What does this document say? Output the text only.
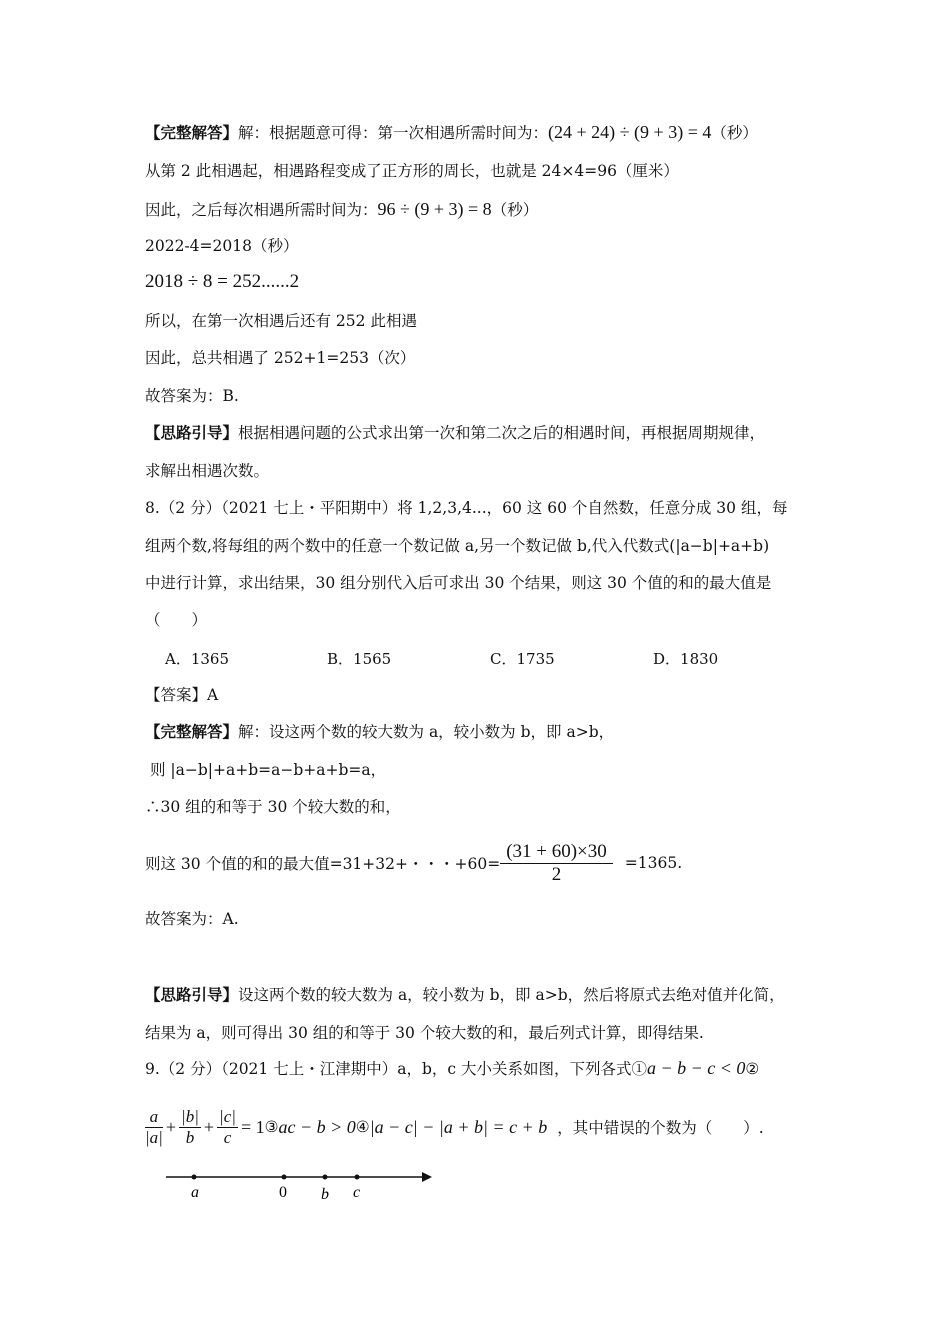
【完整解答】解：根据题意可得：第一次相遇所需时间为：(24 + 24) ÷ (9 + 3) = 4（秒）
从第 2 此相遇起，相遇路程变成了正方形的周长，也就是 24×4=96（厘米）
因此，之后每次相遇所需时间为：96 ÷ (9 + 3) = 8（秒）
2022-4=2018（秒）
2018 ÷ 8 = 252......2
所以，在第一次相遇后还有 252 此相遇
因此，总共相遇了 252+1=253（次）
故答案为：B.
【思路引导】根据相遇问题的公式求出第一次和第二次之后的相遇时间，再根据周期规律，
求解出相遇次数。
8.（2 分）（2021 七上・平阳期中）将 1,2,3,4...，60 这 60 个自然数，任意分成 30 组，每
组两个数,将每组的两个数中的任意一个数记做 a,另一个数记做 b,代入代数式(|a−b|+a+b)
中进行计算，求出结果，30 组分别代入后可求出 30 个结果，则这 30 个值的和的最大值是
（　　）
A．1365	B．1565	C．1735	D．1830
【答案】A
【完整解答】解：设这两个数的较大数为 a，较小数为 b，即 a>b，
则 |a−b|+a+b=a−b+a+b=a，
∴30 组的和等于 30 个较大数的和，
则这 30 个值的和的最大值=31+32+・・・$+60= \frac{(31 + 60)\times 30}{2} =1365$.
故答案为：A.
【思路引导】设这两个数的较大数为 a，较小数为 b，即 a>b，然后将原式去绝对值并化简，
结果为 a，则可得出 30 组的和等于 30 个较大数的和，最后列式计算，即得结果.
9.（2 分）（2021 七上・江津期中）a，b，c 大小关系如图，下列各式①a − b − c < 0②
$\frac{a}{|a|} + \frac{|b|}{b} + \frac{|c|}{c} = 1$ ③ ac − b > 0 ④ |a − c| − |a + b| = c + b ，其中错误的个数为（　　）.
a	0 b c
